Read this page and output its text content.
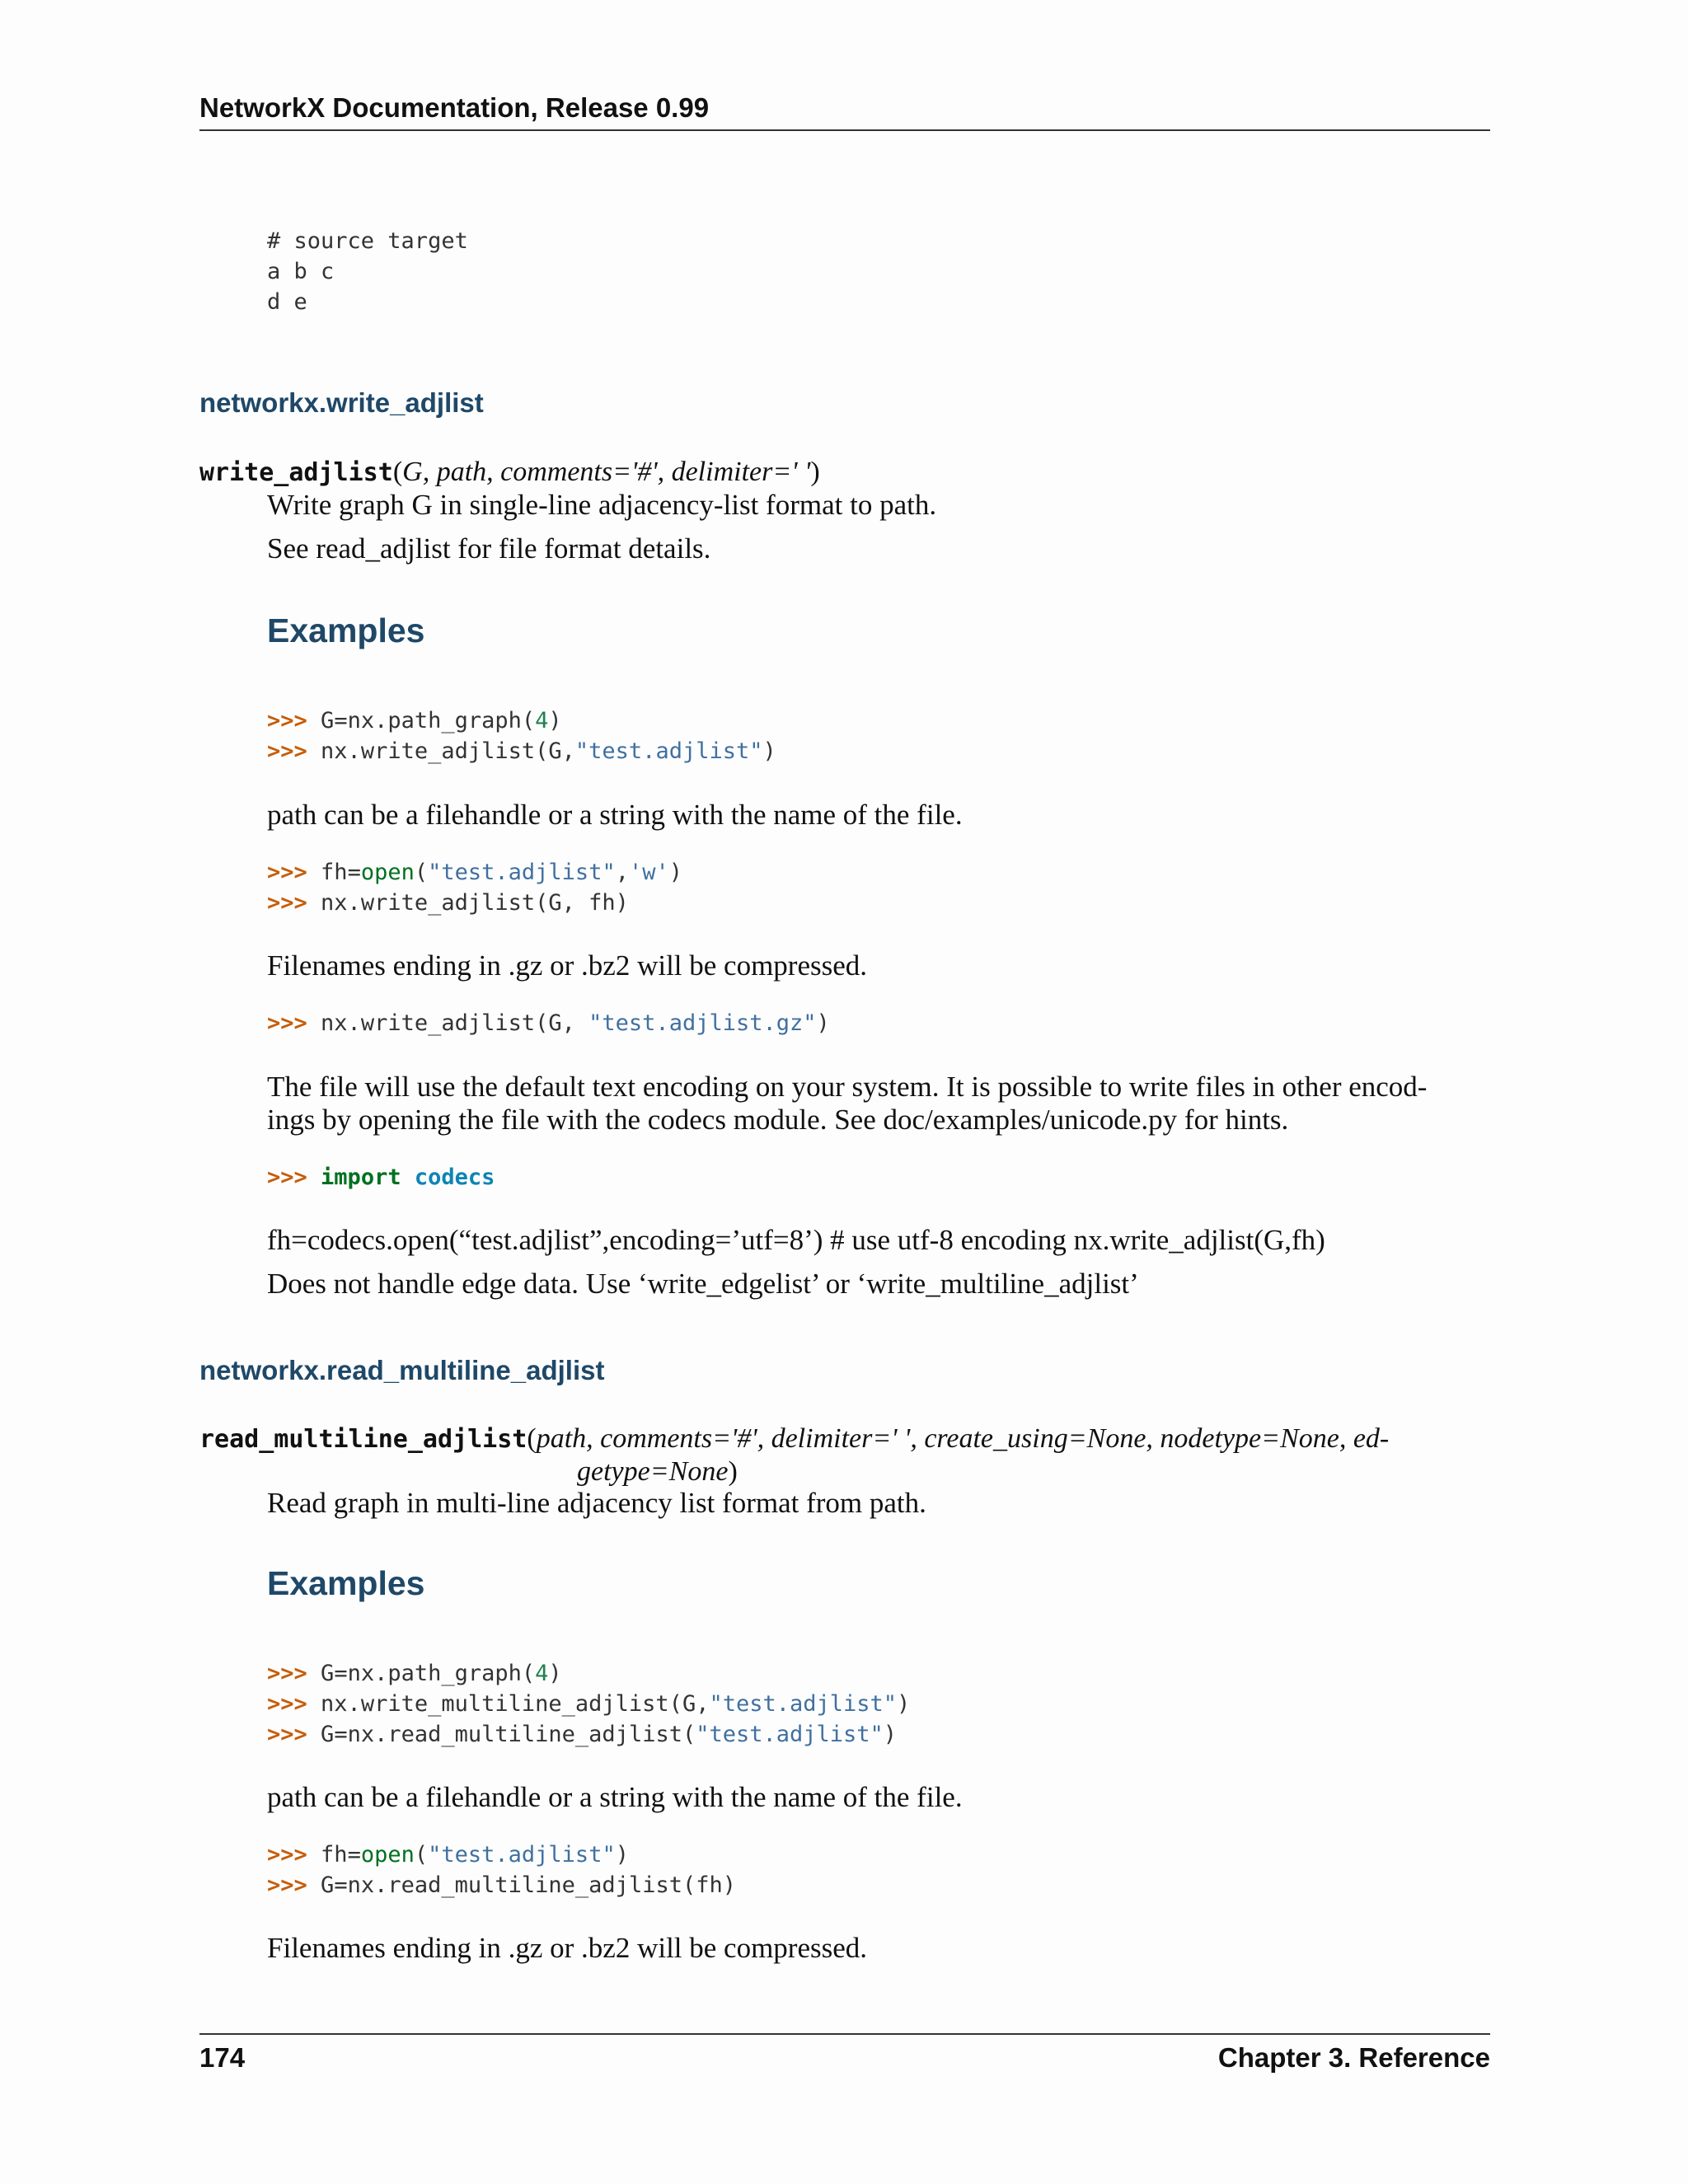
NetworkX Documentation, Release 0.99
# source target
a b c
d e
networkx.write_adjlist
write_adjlist(G, path, comments='#', delimiter=' ')
Write graph G in single-line adjacency-list format to path.
See read_adjlist for file format details.
Examples
>>> G=nx.path_graph(4)
>>> nx.write_adjlist(G,"test.adjlist")
path can be a filehandle or a string with the name of the file.
>>> fh=open("test.adjlist",'w')
>>> nx.write_adjlist(G, fh)
Filenames ending in .gz or .bz2 will be compressed.
>>> nx.write_adjlist(G, "test.adjlist.gz")
The file will use the default text encoding on your system. It is possible to write files in other encod-
ings by opening the file with the codecs module. See doc/examples/unicode.py for hints.
>>> import codecs
fh=codecs.open(“test.adjlist”,encoding=’utf=8’) # use utf-8 encoding nx.write_adjlist(G,fh)
Does not handle edge data. Use ‘write_edgelist’ or ‘write_multiline_adjlist’
networkx.read_multiline_adjlist
read_multiline_adjlist(path, comments='#', delimiter=' ', create_using=None, nodetype=None, ed-
getype=None)
Read graph in multi-line adjacency list format from path.
Examples
>>> G=nx.path_graph(4)
>>> nx.write_multiline_adjlist(G,"test.adjlist")
>>> G=nx.read_multiline_adjlist("test.adjlist")
path can be a filehandle or a string with the name of the file.
>>> fh=open("test.adjlist")
>>> G=nx.read_multiline_adjlist(fh)
Filenames ending in .gz or .bz2 will be compressed.
174	Chapter 3. Reference
